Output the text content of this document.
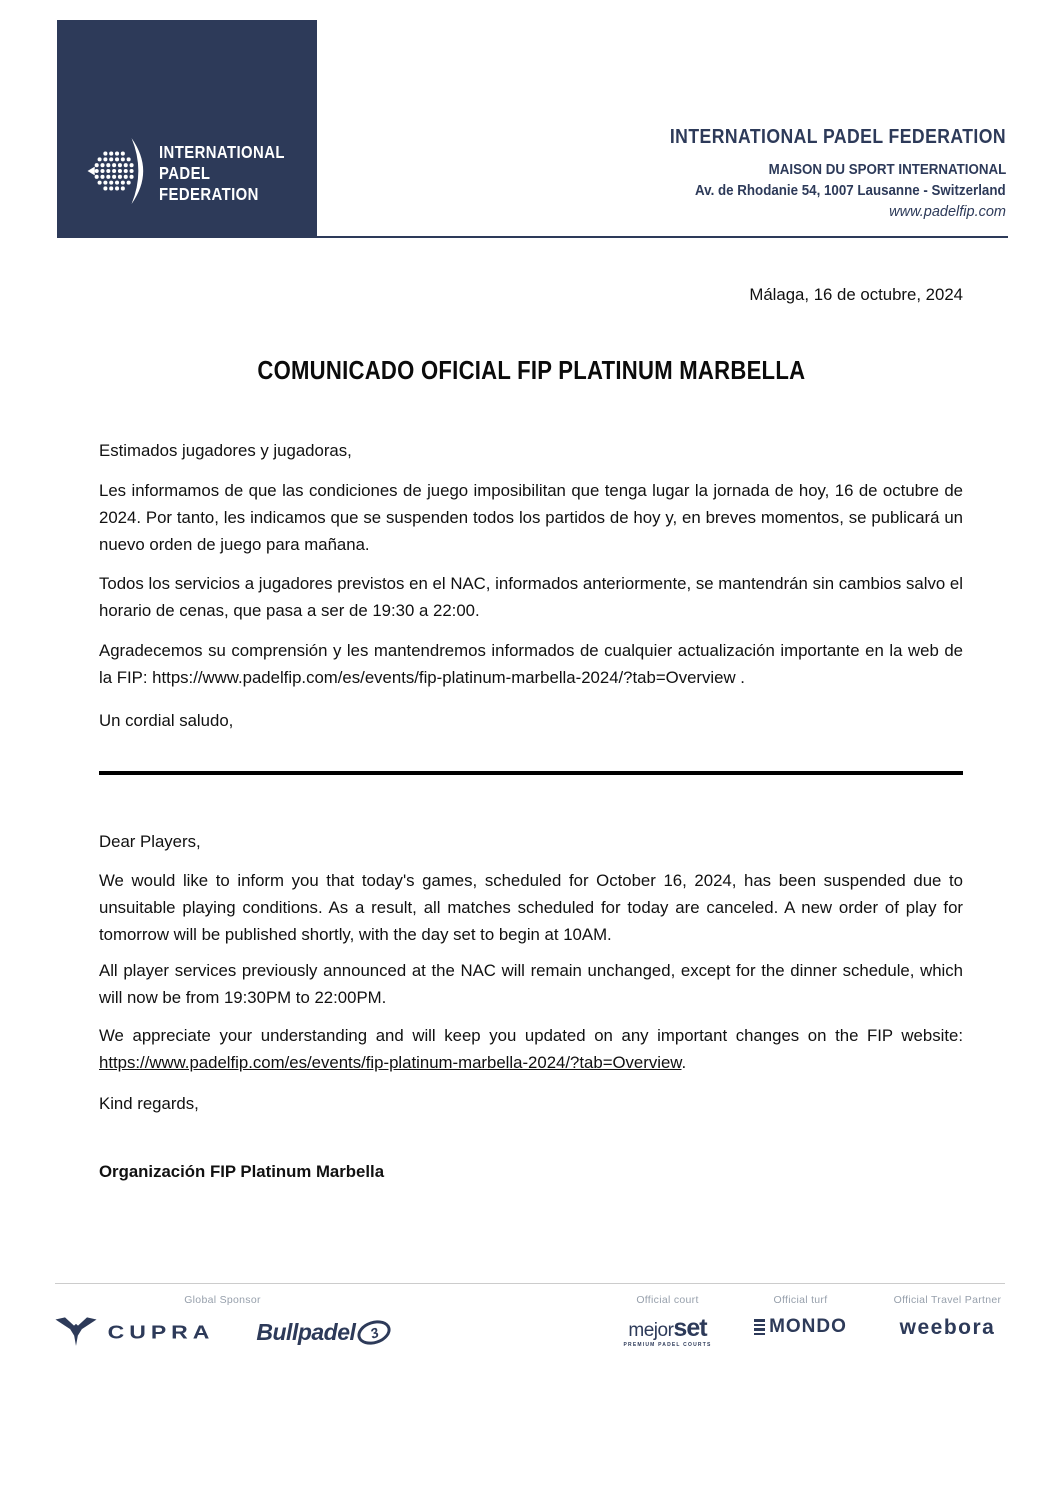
INTERNATIONAL
PADEL
FEDERATION
INTERNATIONAL PADEL FEDERATION
MAISON DU SPORT INTERNATIONAL
Av. de Rhodanie 54, 1007 Lausanne - Switzerland
www.padelfip.com
Málaga, 16 de octubre, 2024
COMUNICADO OFICIAL FIP PLATINUM MARBELLA
Estimados jugadores y jugadoras,
Les informamos de que las condiciones de juego imposibilitan que tenga lugar la jornada de hoy, 16 de octubre de 2024. Por tanto, les indicamos que se suspenden todos los partidos de hoy y, en breves momentos, se publicará un nuevo orden de juego para mañana.
Todos los servicios a jugadores previstos en el NAC, informados anteriormente, se mantendrán sin cambios salvo el horario de cenas, que pasa a ser de 19:30 a 22:00.
Agradecemos su comprensión y les mantendremos informados de cualquier actualización importante en la web de la FIP: https://www.padelfip.com/es/events/fip-platinum-marbella-2024/?tab=Overview .
Un cordial saludo,
Dear Players,
We would like to inform you that today's games, scheduled for October 16, 2024, has been suspended due to unsuitable playing conditions. As a result, all matches scheduled for today are canceled. A new order of play for tomorrow will be published shortly, with the day set to begin at 10AM.
All player services previously announced at the NAC will remain unchanged, except for the dinner schedule, which will now be from 19:30PM to 22:00PM.
We appreciate your understanding and will keep you updated on any important changes on the FIP website: https://www.padelfip.com/es/events/fip-platinum-marbella-2024/?tab=Overview.
Kind regards,
Organización FIP Platinum Marbella
Global Sponsor
CUPRA Bullpadel 3
Official court
mejor set
PREMIUM PADEL COURTS
Official turf
MONDO
Official Travel Partner
weebora
